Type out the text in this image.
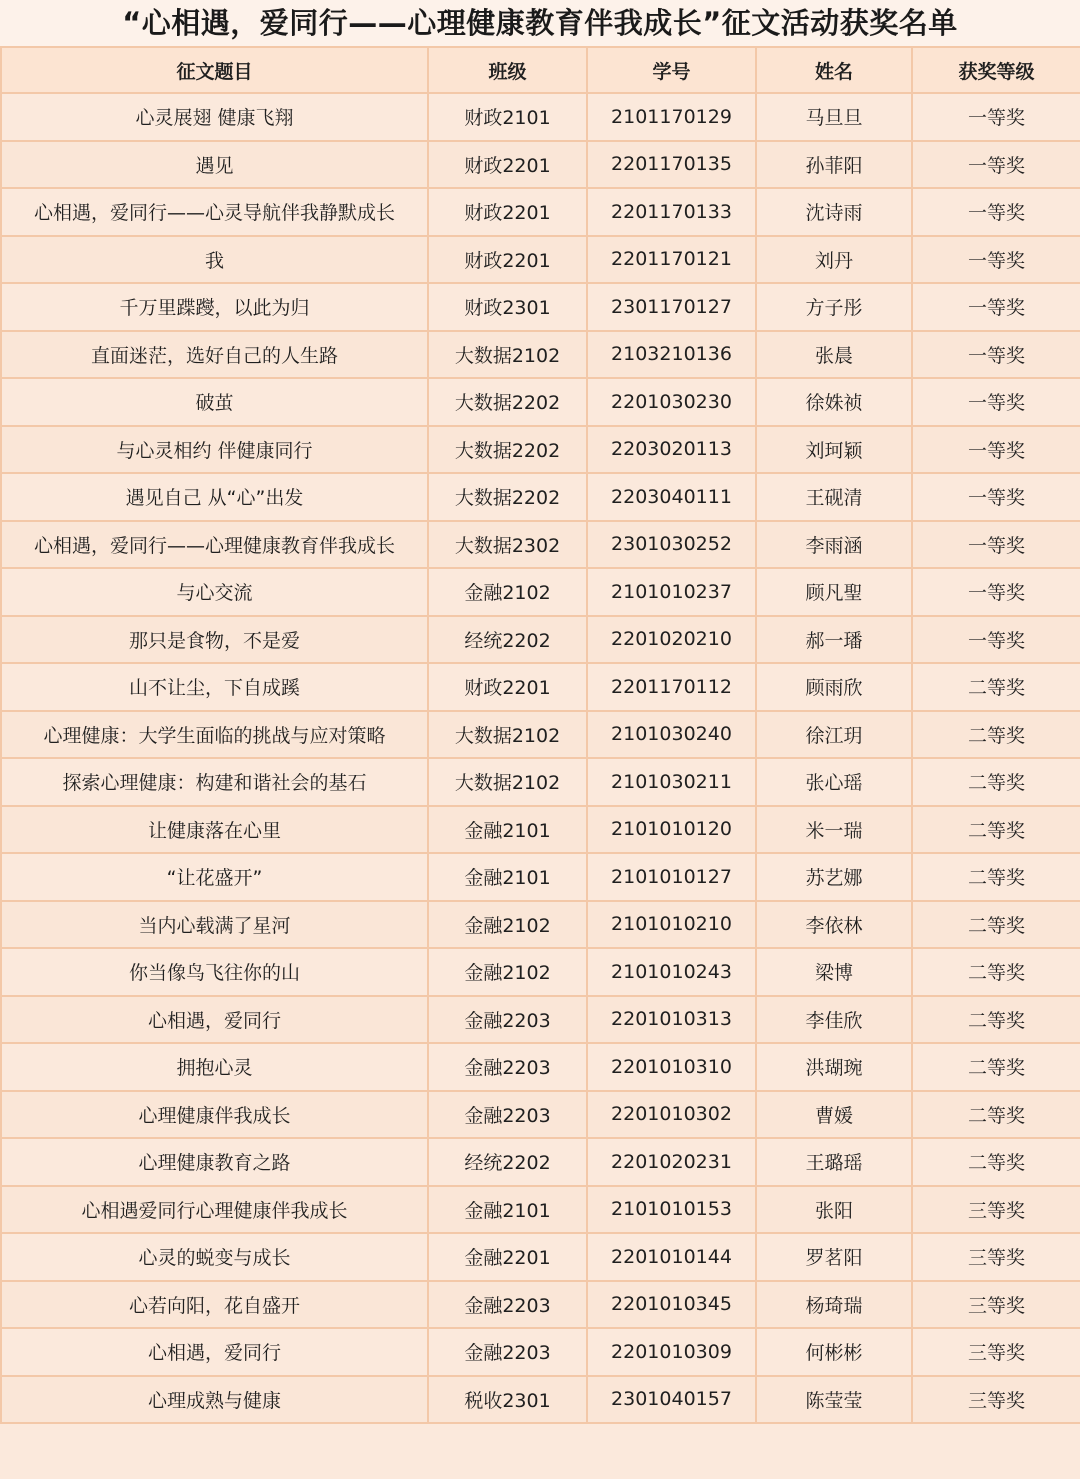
“心相遇，爱同行——心理健康教育伴我成长”征文活动获奖名单
征文题目	班级	学号	姓名	获奖等级
心灵展翅 健康飞翔	财政2101	2101170129	马旦旦	一等奖
遇见	财政2201	2201170135	孙菲阳	一等奖
心相遇，爱同行——心灵导航伴我静默成长	财政2201	2201170133	沈诗雨	一等奖
我	财政2201	2201170121	刘丹	一等奖
千万里蹀躞，以此为归	财政2301	2301170127	方子彤	一等奖
直面迷茫，选好自己的人生路	大数据2102	2103210136	张晨	一等奖
破茧	大数据2202	2201030230	徐姝祯	一等奖
与心灵相约 伴健康同行	大数据2202	2203020113	刘珂颖	一等奖
遇见自己 从“心”出发	大数据2202	2203040111	王砚清	一等奖
心相遇，爱同行——心理健康教育伴我成长	大数据2302	2301030252	李雨涵	一等奖
与心交流	金融2102	2101010237	顾凡聖	一等奖
那只是食物，不是爱	经统2202	2201020210	郝一璠	一等奖
山不让尘，下自成蹊	财政2201	2201170112	顾雨欣	二等奖
心理健康：大学生面临的挑战与应对策略	大数据2102	2101030240	徐江玥	二等奖
探索心理健康：构建和谐社会的基石	大数据2102	2101030211	张心瑶	二等奖
让健康落在心里	金融2101	2101010120	米一瑞	二等奖
“让花盛开”	金融2101	2101010127	苏艺娜	二等奖
当内心载满了星河	金融2102	2101010210	李依林	二等奖
你当像鸟飞往你的山	金融2102	2101010243	梁博	二等奖
心相遇，爱同行	金融2203	2201010313	李佳欣	二等奖
拥抱心灵	金融2203	2201010310	洪瑚琬	二等奖
心理健康伴我成长	金融2203	2201010302	曹媛	二等奖
心理健康教育之路	经统2202	2201020231	王璐瑶	二等奖
心相遇爱同行心理健康伴我成长	金融2101	2101010153	张阳	三等奖
心灵的蜕变与成长	金融2201	2201010144	罗茗阳	三等奖
心若向阳，花自盛开	金融2203	2201010345	杨琦瑞	三等奖
心相遇，爱同行	金融2203	2201010309	何彬彬	三等奖
心理成熟与健康	税收2301	2301040157	陈莹莹	三等奖
